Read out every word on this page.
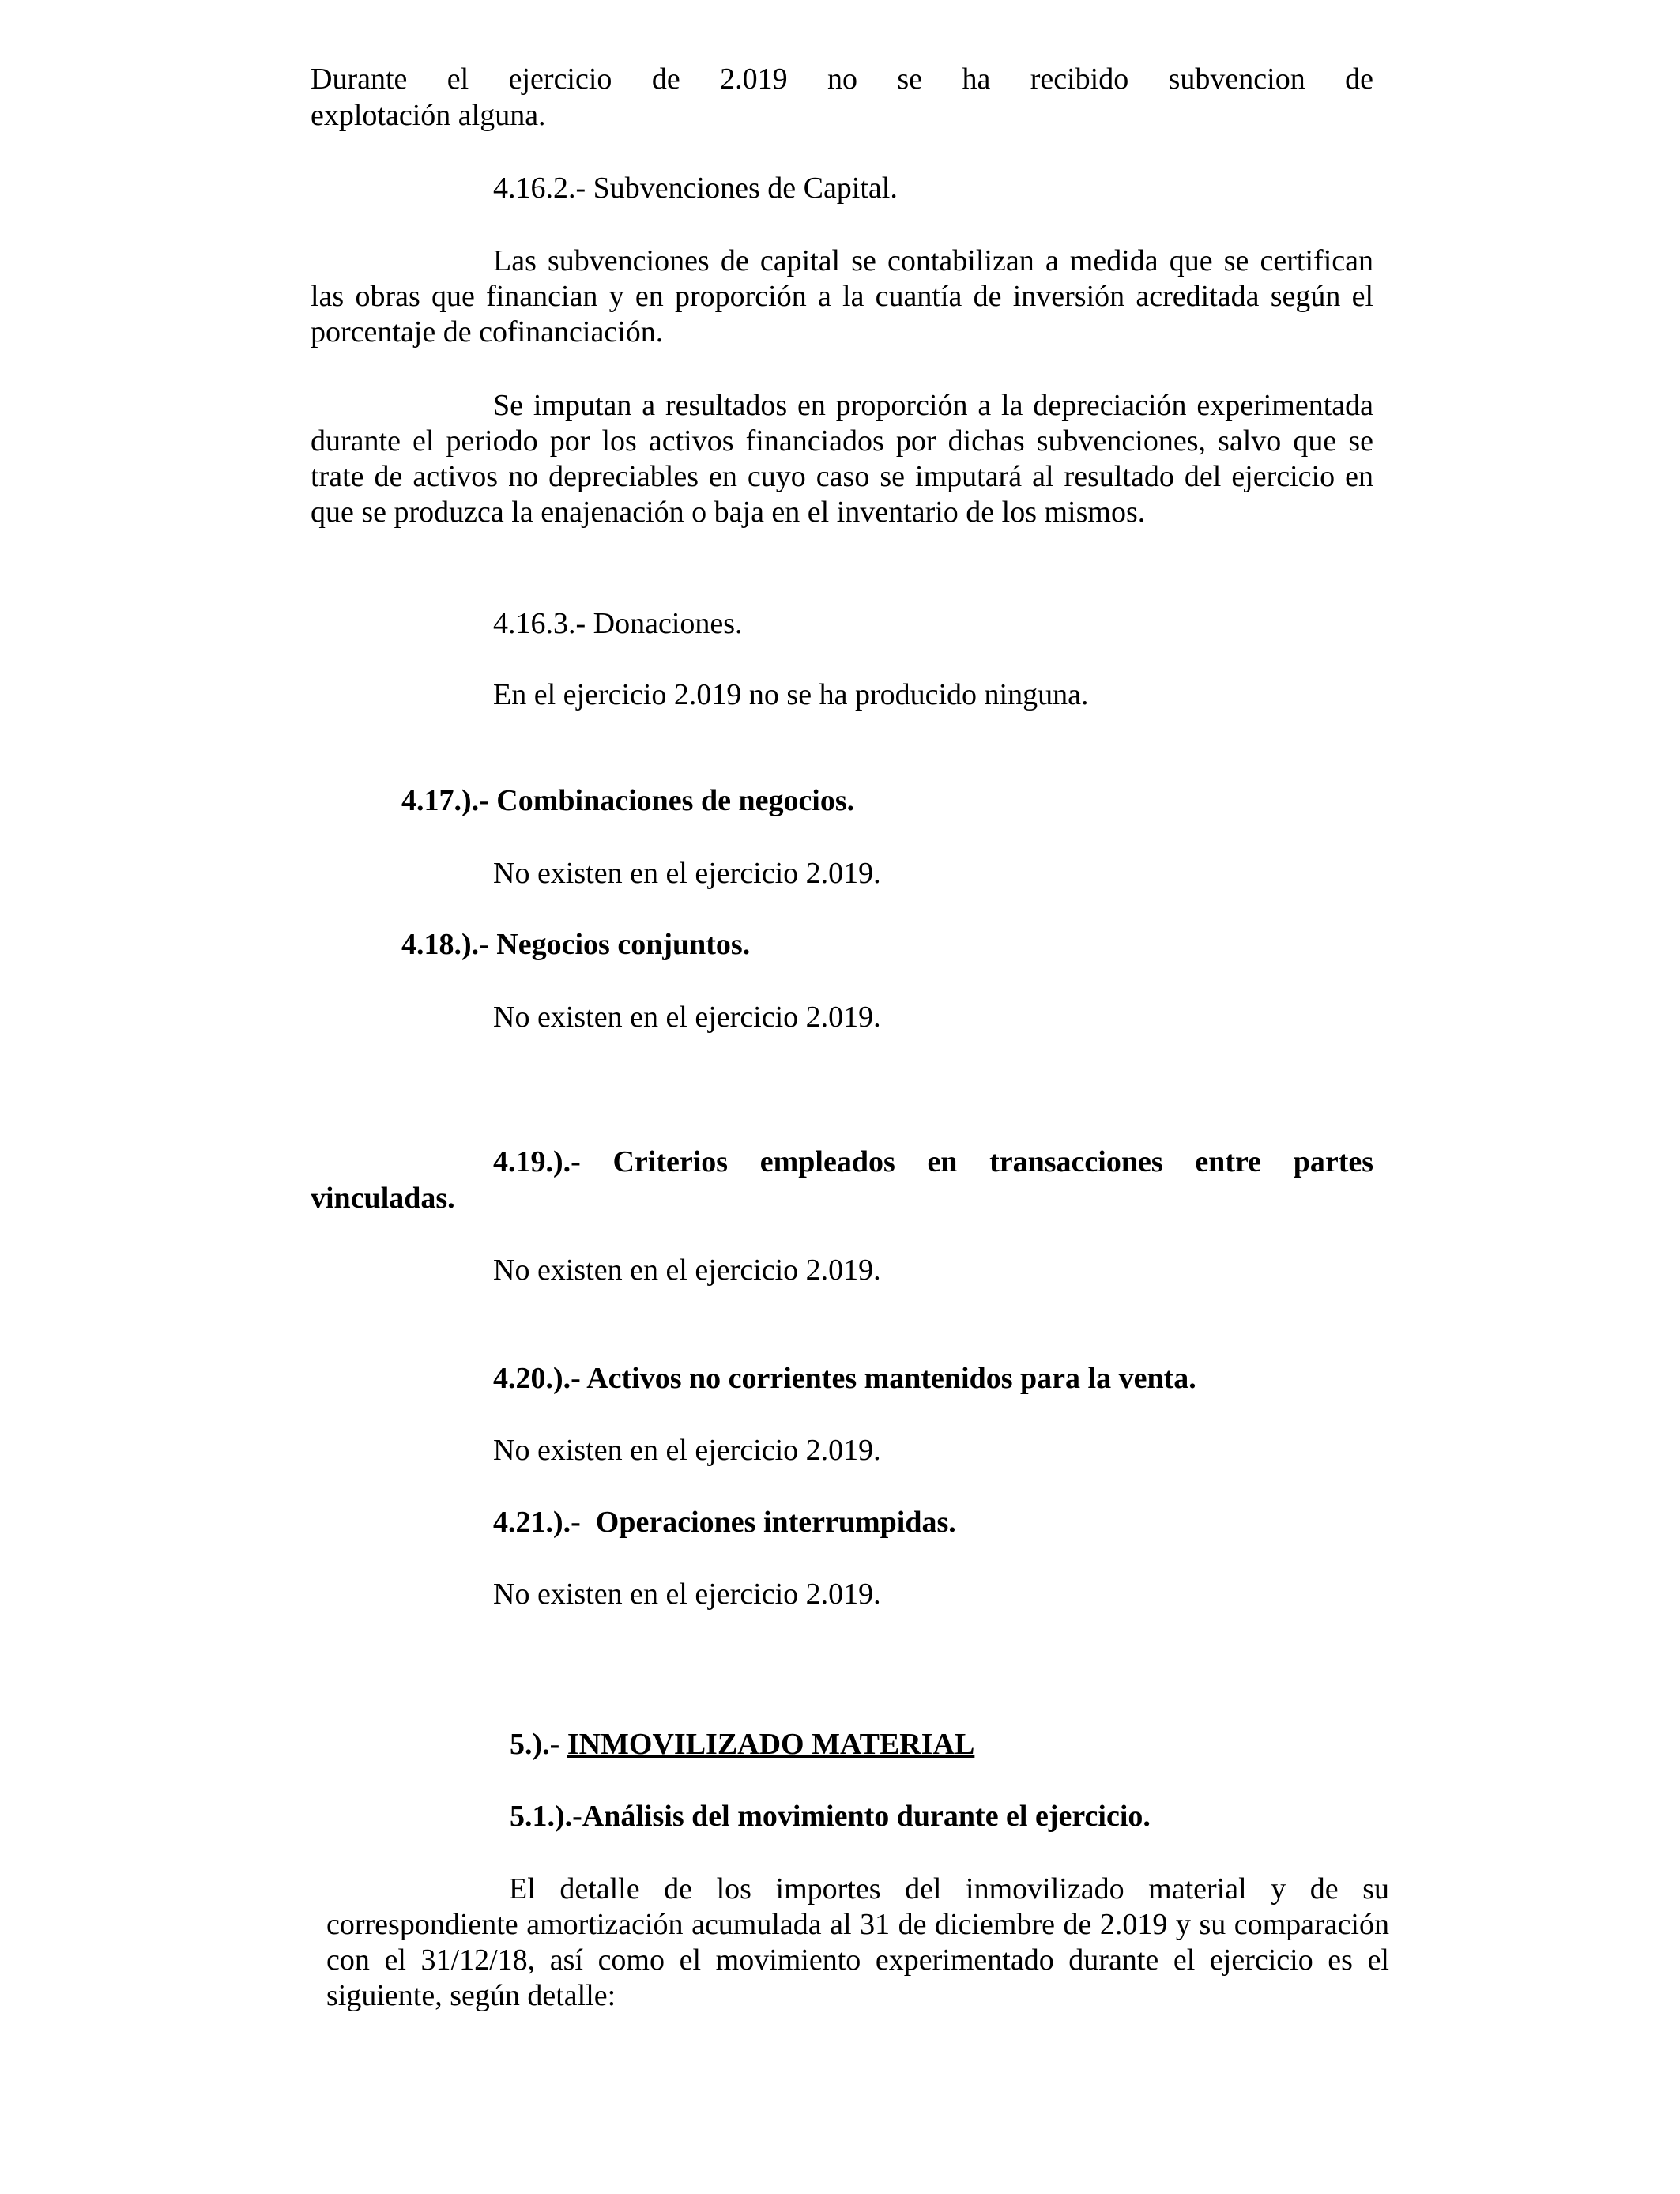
Durante el ejercicio de 2.019 no se ha recibido subvencion de
explotación alguna.
4.16.2.- Subvenciones de Capital.

Las subvenciones de capital se contabilizan a medida que se certifican las obras que financian y en proporción a la cuantía de inversión acreditada según el porcentaje de cofinanciación.

Se imputan a resultados en proporción a la depreciación experimentada durante el periodo por los activos financiados por dichas subvenciones, salvo que se trate de activos no depreciables en cuyo caso se imputará al resultado del ejercicio en que se produzca la enajenación o baja en el inventario de los mismos.

4.16.3.- Donaciones.
En el ejercicio 2.019 no se ha producido ninguna.
4.17.).- Combinaciones de negocios.
No existen en el ejercicio 2.019.
4.18.).- Negocios conjuntos.
No existen en el ejercicio 2.019.
4.19.).- Criterios empleados en transacciones entre partes
vinculadas.
No existen en el ejercicio 2.019.
4.20.).- Activos no corrientes mantenidos para la venta.
No existen en el ejercicio 2.019.
4.21.).-  Operaciones interrumpidas.
No existen en el ejercicio 2.019.
5.).- INMOVILIZADO MATERIAL
5.1.).-Análisis del movimiento durante el ejercicio.

El detalle de los importes del inmovilizado material y de su correspondiente amortización acumulada al 31 de diciembre de 2.019 y su comparación con el 31/12/18, así como el movimiento experimentado durante el ejercicio es el siguiente, según detalle:
